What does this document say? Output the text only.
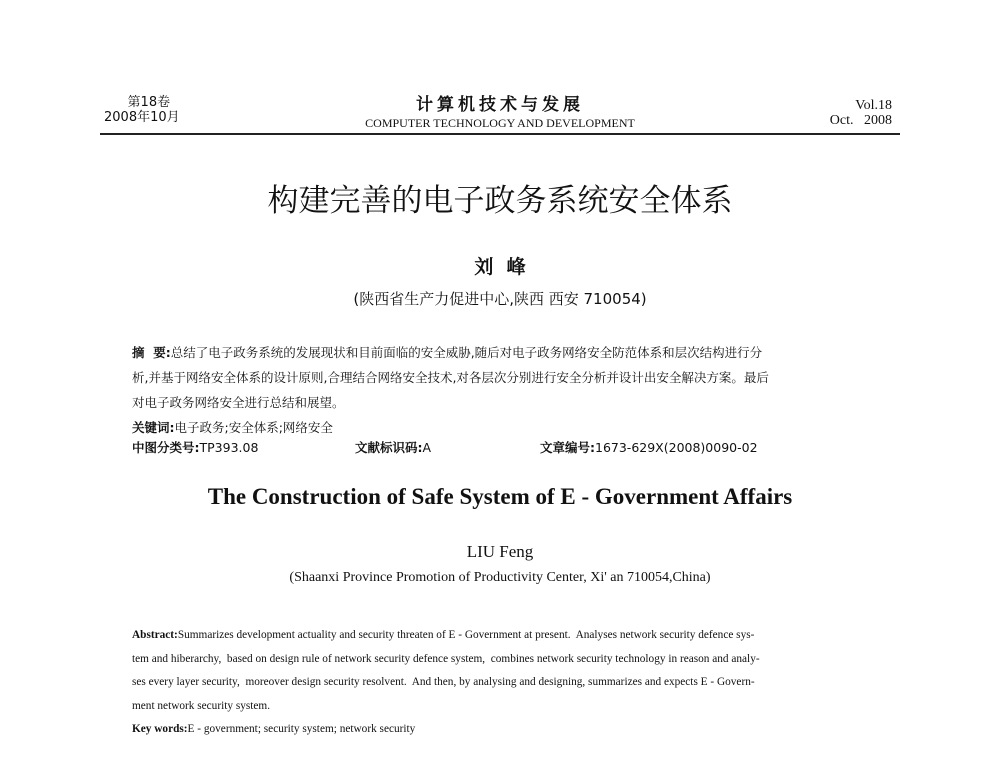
第18卷
2008年10月
计算机技术与发展
COMPUTER TECHNOLOGY AND DEVELOPMENT
Vol.18
Oct.   2008
构建完善的电子政务系统安全体系
刘  峰
(陕西省生产力促进中心,陕西 西安 710054)
摘  要:总结了电子政务系统的发展现状和目前面临的安全威胁,随后对电子政务网络安全防范体系和层次结构进行分
析,并基于网络安全体系的设计原则,合理结合网络安全技术,对各层次分别进行安全分析并设计出安全解决方案。最后
对电子政务网络安全进行总结和展望。
关键词:电子政务;安全体系;网络安全
中图分类号:TP393.08	文献标识码:A	文章编号:1673-629X(2008)0090-02
The Construction of Safe System of E - Government Affairs
LIU Feng
(Shaanxi Province Promotion of Productivity Center, Xi' an 710054,China)
Abstract:Summarizes development actuality and security threaten of E - Government at present.  Analyses network security defence sys-
tem and hiberarchy,  based on design rule of network security defence system,  combines network security technology in reason and analy-
ses every layer security,  moreover design security resolvent.  And then, by analysing and designing, summarizes and expects E - Govern-
ment network security system.
Key words:E - government; security system; network security
